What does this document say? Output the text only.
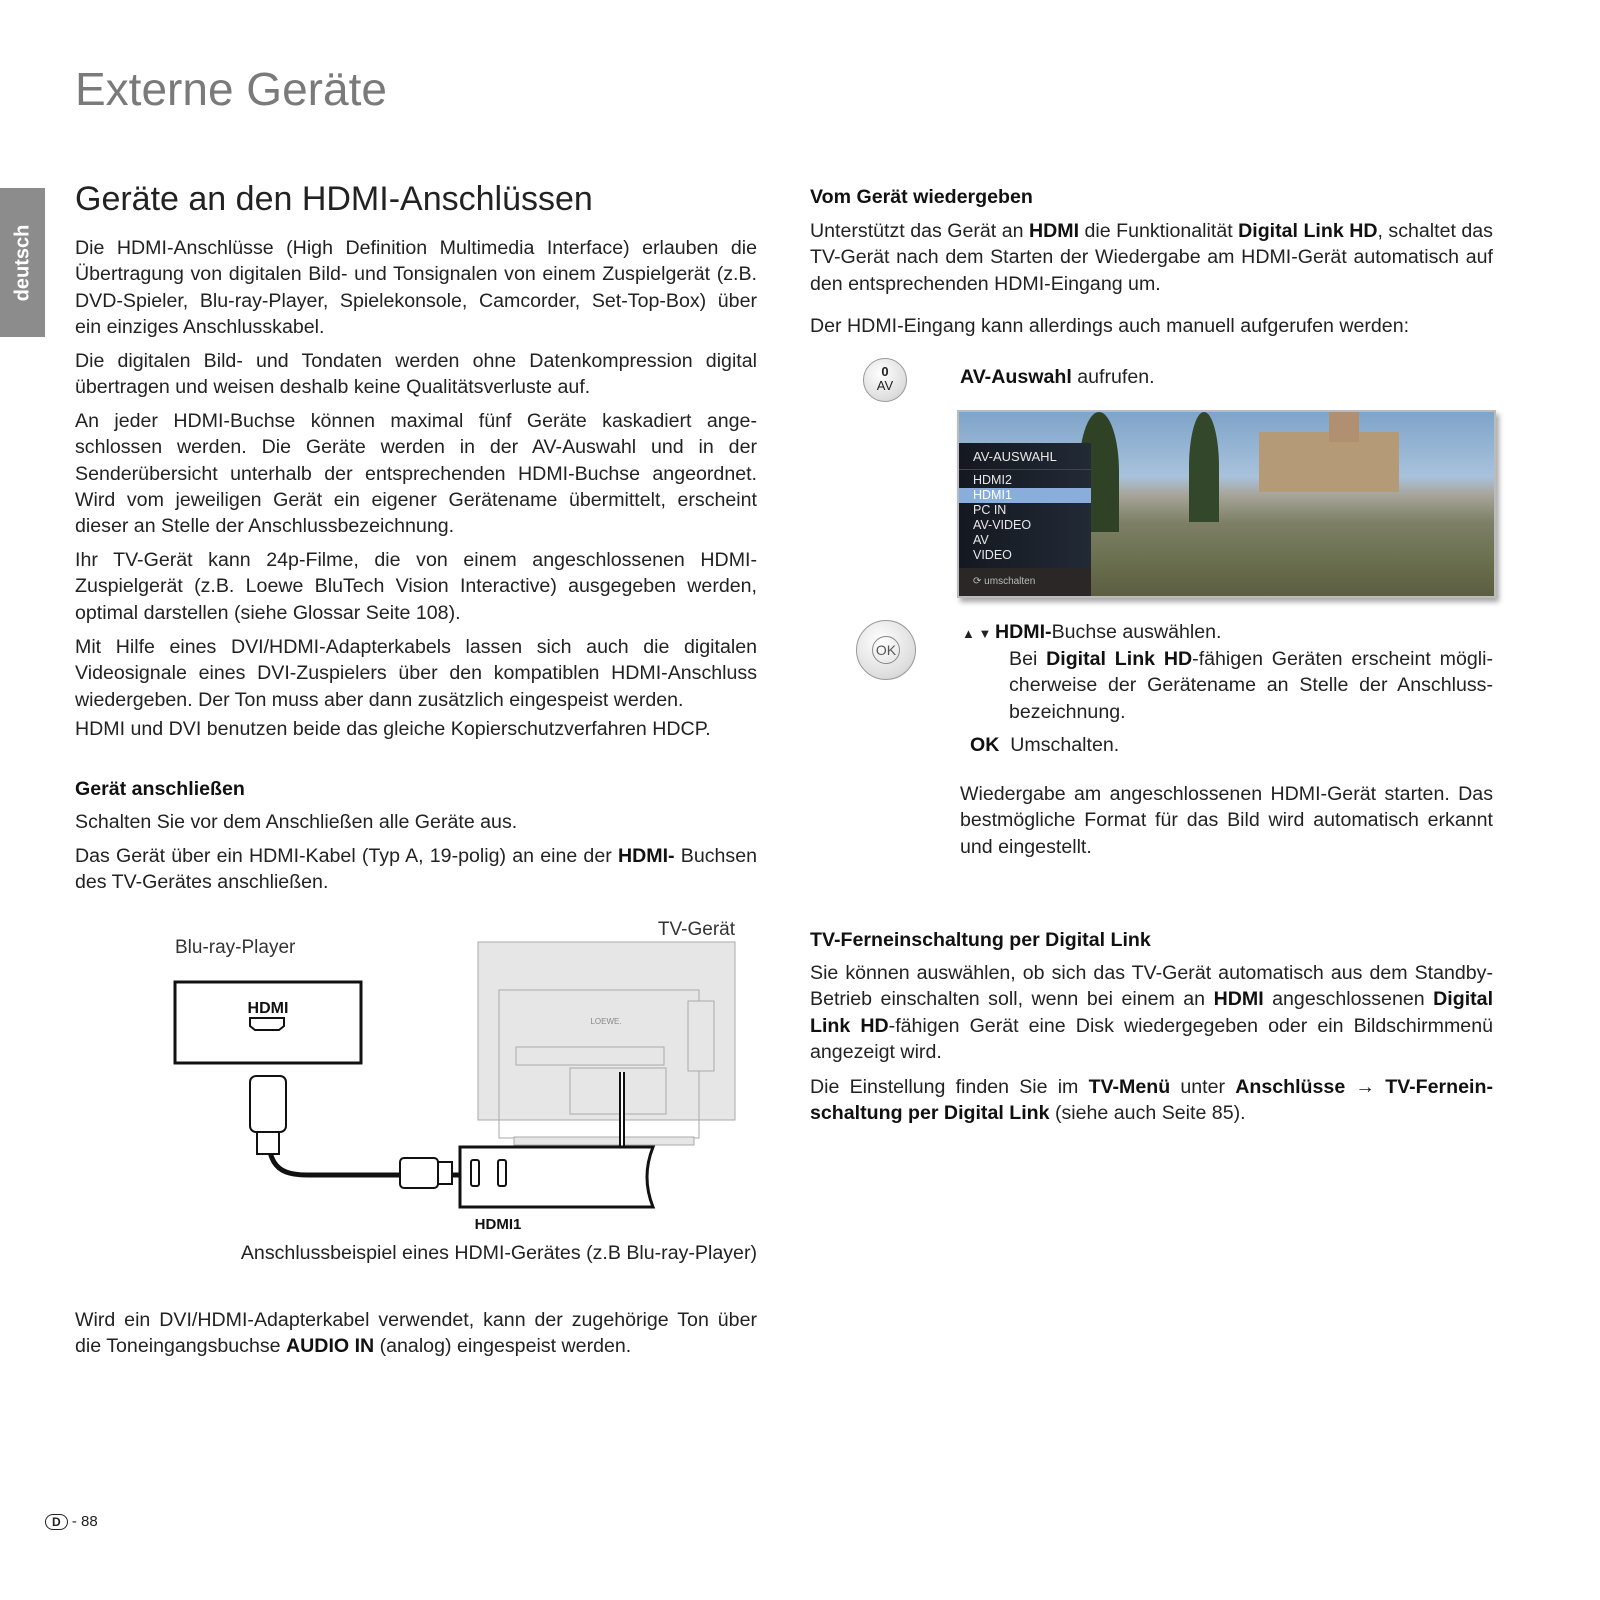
Externe Geräte
deutsch
Geräte an den HDMI-Anschlüssen

Die HDMI-Anschlüsse (High Definition Multimedia Interface) erlauben die Übertragung von digitalen Bild- und Tonsignalen von einem Zuspielgerät (z.B. DVD-Spieler, Blu-ray-Player, Spielekonsole, Camcorder, Set-Top-Box) über ein einziges Anschlusskabel.

Die digitalen Bild- und Tondaten werden ohne Datenkompression digital übertragen und weisen deshalb keine Qualitätsverluste auf.

An jeder HDMI-Buchse können maximal fünf Geräte kaskadiert angeschlossen werden. Die Geräte werden in der AV-Auswahl und in der Senderübersicht unterhalb der entsprechenden HDMI-Buchse angeordnet. Wird vom jeweiligen Gerät ein eigener Gerätename übermittelt, erscheint dieser an Stelle der Anschlussbezeichnung.

Ihr TV-Gerät kann 24p-Filme, die von einem angeschlossenen HDMI-Zuspielgerät (z.B. Loewe BluTech Vision Interactive) ausgegeben werden, optimal darstellen (siehe Glossar Seite 108).

Mit Hilfe eines DVI/HDMI-Adapterkabels lassen sich auch die digitalen Videosignale eines DVI-Zuspielers über den kompatiblen HDMI-Anschluss wiedergeben. Der Ton muss aber dann zusätzlich eingespeist werden.

HDMI und DVI benutzen beide das gleiche Kopierschutzverfahren HDCP.

Gerät anschließen

Schalten Sie vor dem Anschließen alle Geräte aus.

Das Gerät über ein HDMI-Kabel (Typ A, 19-polig) an eine der HDMI- Buchsen des TV-Gerätes anschließen.

Blu-ray-Player
TV-Gerät
HDMI
LOEWE.
HDMI1

Anschlussbeispiel eines HDMI-Gerätes (z.B Blu-ray-Player)

Wird ein DVI/HDMI-Adapterkabel verwendet, kann der zugehörige Ton über die Toneingangsbuchse AUDIO IN (analog) eingespeist werden.

Vom Gerät wiedergeben

Unterstützt das Gerät an HDMI die Funktionalität Digital Link HD, schaltet das TV-Gerät nach dem Starten der Wiedergabe am HDMI-Gerät automatisch auf den entsprechenden HDMI-Eingang um.

Der HDMI-Eingang kann allerdings auch manuell aufgerufen werden:

0
AV	AV-Auswahl aufrufen.

AV-AUSWAHL
HDMI2
HDMI1
PC IN
AV-VIDEO
AV
VIDEO
⟳ umschalten
OK

▲ ▼ HDMI-Buchse auswählen.

Bei Digital Link HD-fähigen Geräten erscheint möglicherweise der Gerätename an Stelle der Anschlussbezeichnung.

OK Umschalten.

Wiedergabe am angeschlossenen HDMI-Gerät starten. Das bestmögliche Format für das Bild wird automatisch erkannt und eingestellt.

TV-Ferneinschaltung per Digital Link

Sie können auswählen, ob sich das TV-Gerät automatisch aus dem Standby-Betrieb einschalten soll, wenn bei einem an HDMI angeschlossenen Digital Link HD-fähigen Gerät eine Disk wiedergegeben oder ein Bildschirmmenü angezeigt wird.

Die Einstellung finden Sie im TV-Menü unter Anschlüsse → TV-Ferneinschaltung per Digital Link (siehe auch Seite 85).

D - 88
